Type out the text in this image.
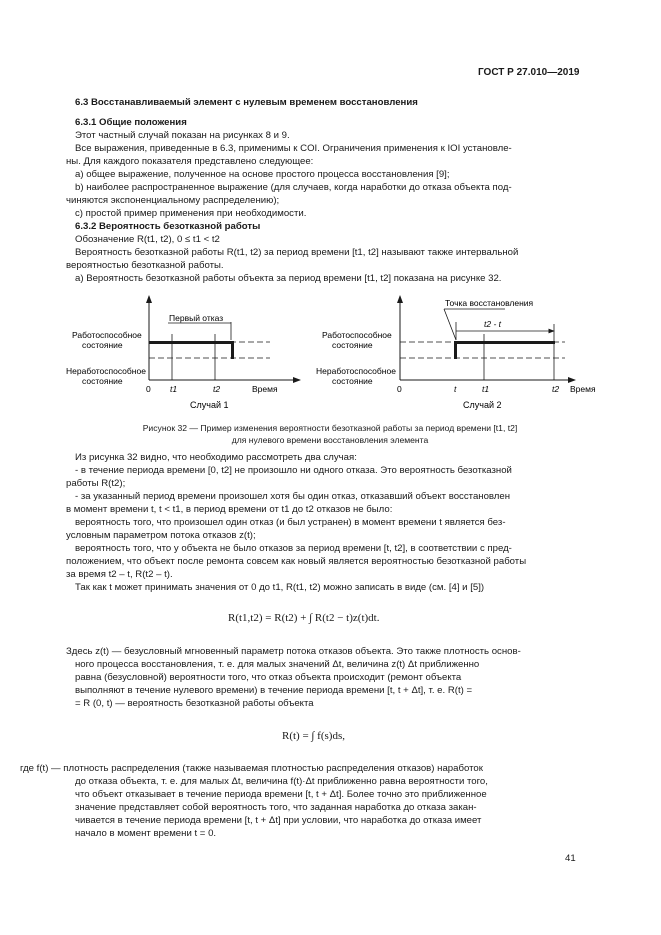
ГОСТ Р 27.010—2019
6.3 Восстанавливаемый элемент с нулевым временем восстановления
6.3.1 Общие положения
Этот частный случай показан на рисунках 8 и 9.
Все выражения, приведенные в 6.3, применимы к COI. Ограничения применения к IOI установле-
ны. Для каждого показателя представлено следующее:
a) общее выражение, полученное на основе простого процесса восстановления [9];
b) наиболее распространенное выражение (для случаев, когда наработки до отказа объекта под-
чиняются экспоненциальному распределению);
c) простой пример применения при необходимости.
6.3.2 Вероятность безотказной работы
Обозначение R(t1, t2), 0 ≤ t1 < t2
Вероятность безотказной работы R(t1, t2) за период времени [t1, t2] называют также интервальной
вероятностью безотказной работы.
a) Вероятность безотказной работы объекта за период времени [t1, t2] показана на рисунке 32.
Первый отказ
Работоспособное
состояние
Неработоспособное
состояние
0 t1	t2	Время
Случай 1
Точка восстановления
t2 - t
Работоспособное
состояние
Неработоспособное
состояние
0	t	t1	t2 Время
Случай 2
Рисунок 32 — Пример изменения вероятности безотказной работы за период времени [t1, t2]
для нулевого времени восстановления элемента
Из рисунка 32 видно, что необходимо рассмотреть два случая:
- в течение периода времени [0, t2] не произошло ни одного отказа. Это вероятность безотказной
работы R(t2);
- за указанный период времени произошел хотя бы один отказ, отказавший объект восстановлен
в момент времени t, t < t1, в период времени от t1 до t2 отказов не было:
вероятность того, что произошел один отказ (и был устранен) в момент времени t является без-
условным параметром потока отказов z(t);
вероятность того, что у объекта не было отказов за период времени [t, t2], в соответствии с пред-
положением, что объект после ремонта совсем как новый является вероятностью безотказной работы
за время t2 – t, R(t2 – t).
Так как t может принимать значения от 0 до t1, R(t1, t2) можно записать в виде (см. [4] и [5])
R(t1,t2) = R(t2) + ∫ R(t2 − t)z(t)dt.
Здесь z(t) — безусловный мгновенный параметр потока отказов объекта. Это также плотность основ-
ного процесса восстановления, т. е. для малых значений Δt, величина z(t) Δt приближенно
равна (безусловной) вероятности того, что отказ объекта происходит (ремонт объекта
выполняют в течение нулевого времени) в течение периода времени [t, t + Δt], т. е. R(t) =
= R (0, t) — вероятность безотказной работы объекта
R(t) = ∫ f(s)ds,
где f(t) — плотность распределения (также называемая плотностью распределения отказов) наработок
до отказа объекта, т. е. для малых Δt, величина f(t)·Δt приближенно равна вероятности того,
что объект отказывает в течение периода времени [t, t + Δt]. Более точно это приближенное
значение представляет собой вероятность того, что заданная наработка до отказа закан-
чивается в течение периода времени [t, t + Δt] при условии, что наработка до отказа имеет
начало в момент времени t = 0.
41
